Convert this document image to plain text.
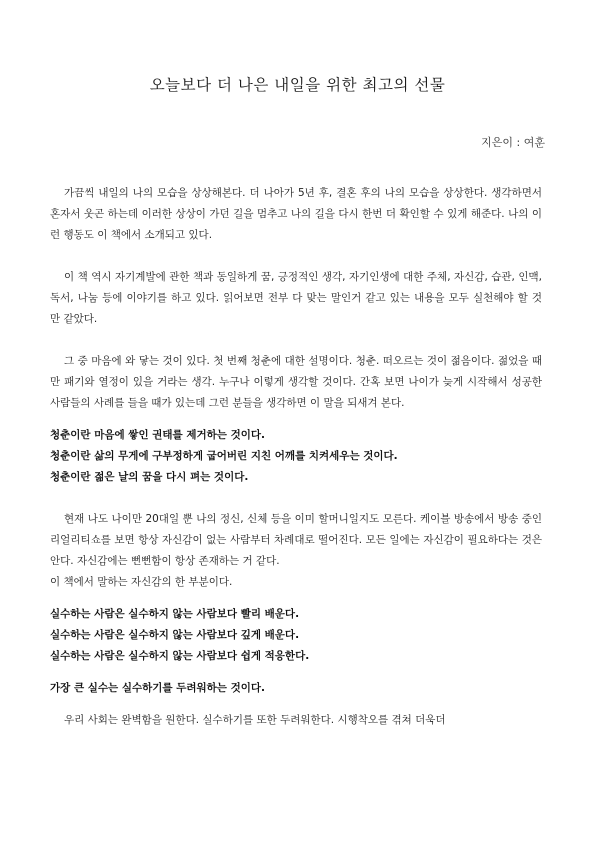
오늘보다 더 나은 내일을 위한 최고의 선물
지은이 : 여훈

가끔씩 내일의 나의 모습을 상상해본다. 더 나아가 5년 후, 결혼 후의 나의 모습을 상상한다. 생각하면서 혼자서 웃곤 하는데 이러한 상상이 가던 길을 멈추고 나의 길을 다시 한번 더 확인할 수 있게 해준다. 나의 이런 행동도 이 책에서 소개되고 있다.

이 책 역시 자기계발에 관한 책과 동일하게 꿈, 긍정적인 생각, 자기인생에 대한 주체, 자신감, 습관, 인맥, 독서, 나눔 등에 이야기를 하고 있다. 읽어보면 전부 다 맞는 말인거 같고 있는 내용을 모두 실천해야 할 것 만 같았다.

그 중 마음에 와 닿는 것이 있다. 첫 번째 청춘에 대한 설명이다. 청춘. 떠오르는 것이 젊음이다. 젊었을 때만 패기와 열정이 있을 거라는 생각. 누구나 이렇게 생각할 것이다. 간혹 보면 나이가 늦게 시작해서 성공한 사람들의 사례를 들을 때가 있는데 그런 분들을 생각하면 이 말을 되새겨 본다.

청춘이란 마음에 쌓인 권태를 제거하는 것이다.

청춘이란 삶의 무게에 구부정하게 굽어버린 지친 어깨를 치켜세우는 것이다.

청춘이란 젊은 날의 꿈을 다시 펴는 것이다.

현재 나도 나이만 20대일 뿐 나의 정신, 신체 등을 이미 할머니일지도 모른다. 케이블 방송에서 방송 중인 리얼리티쇼를 보면 항상 자신감이 없는 사람부터 차례대로 떨어진다. 모든 일에는 자신감이 필요하다는 것은 안다. 자신감에는 뻔뻔함이 항상 존재하는 거 같다.

이 책에서 말하는 자신감의 한 부분이다.

실수하는 사람은 실수하지 않는 사람보다 빨리 배운다.

실수하는 사람은 실수하지 않는 사람보다 깊게 배운다.

실수하는 사람은 실수하지 않는 사람보다 쉽게 적응한다.

가장 큰 실수는 실수하기를 두려워하는 것이다.

우리 사회는 완벽함을 원한다. 실수하기를 또한 두려워한다. 시행착오를 겪쳐 더욱더
